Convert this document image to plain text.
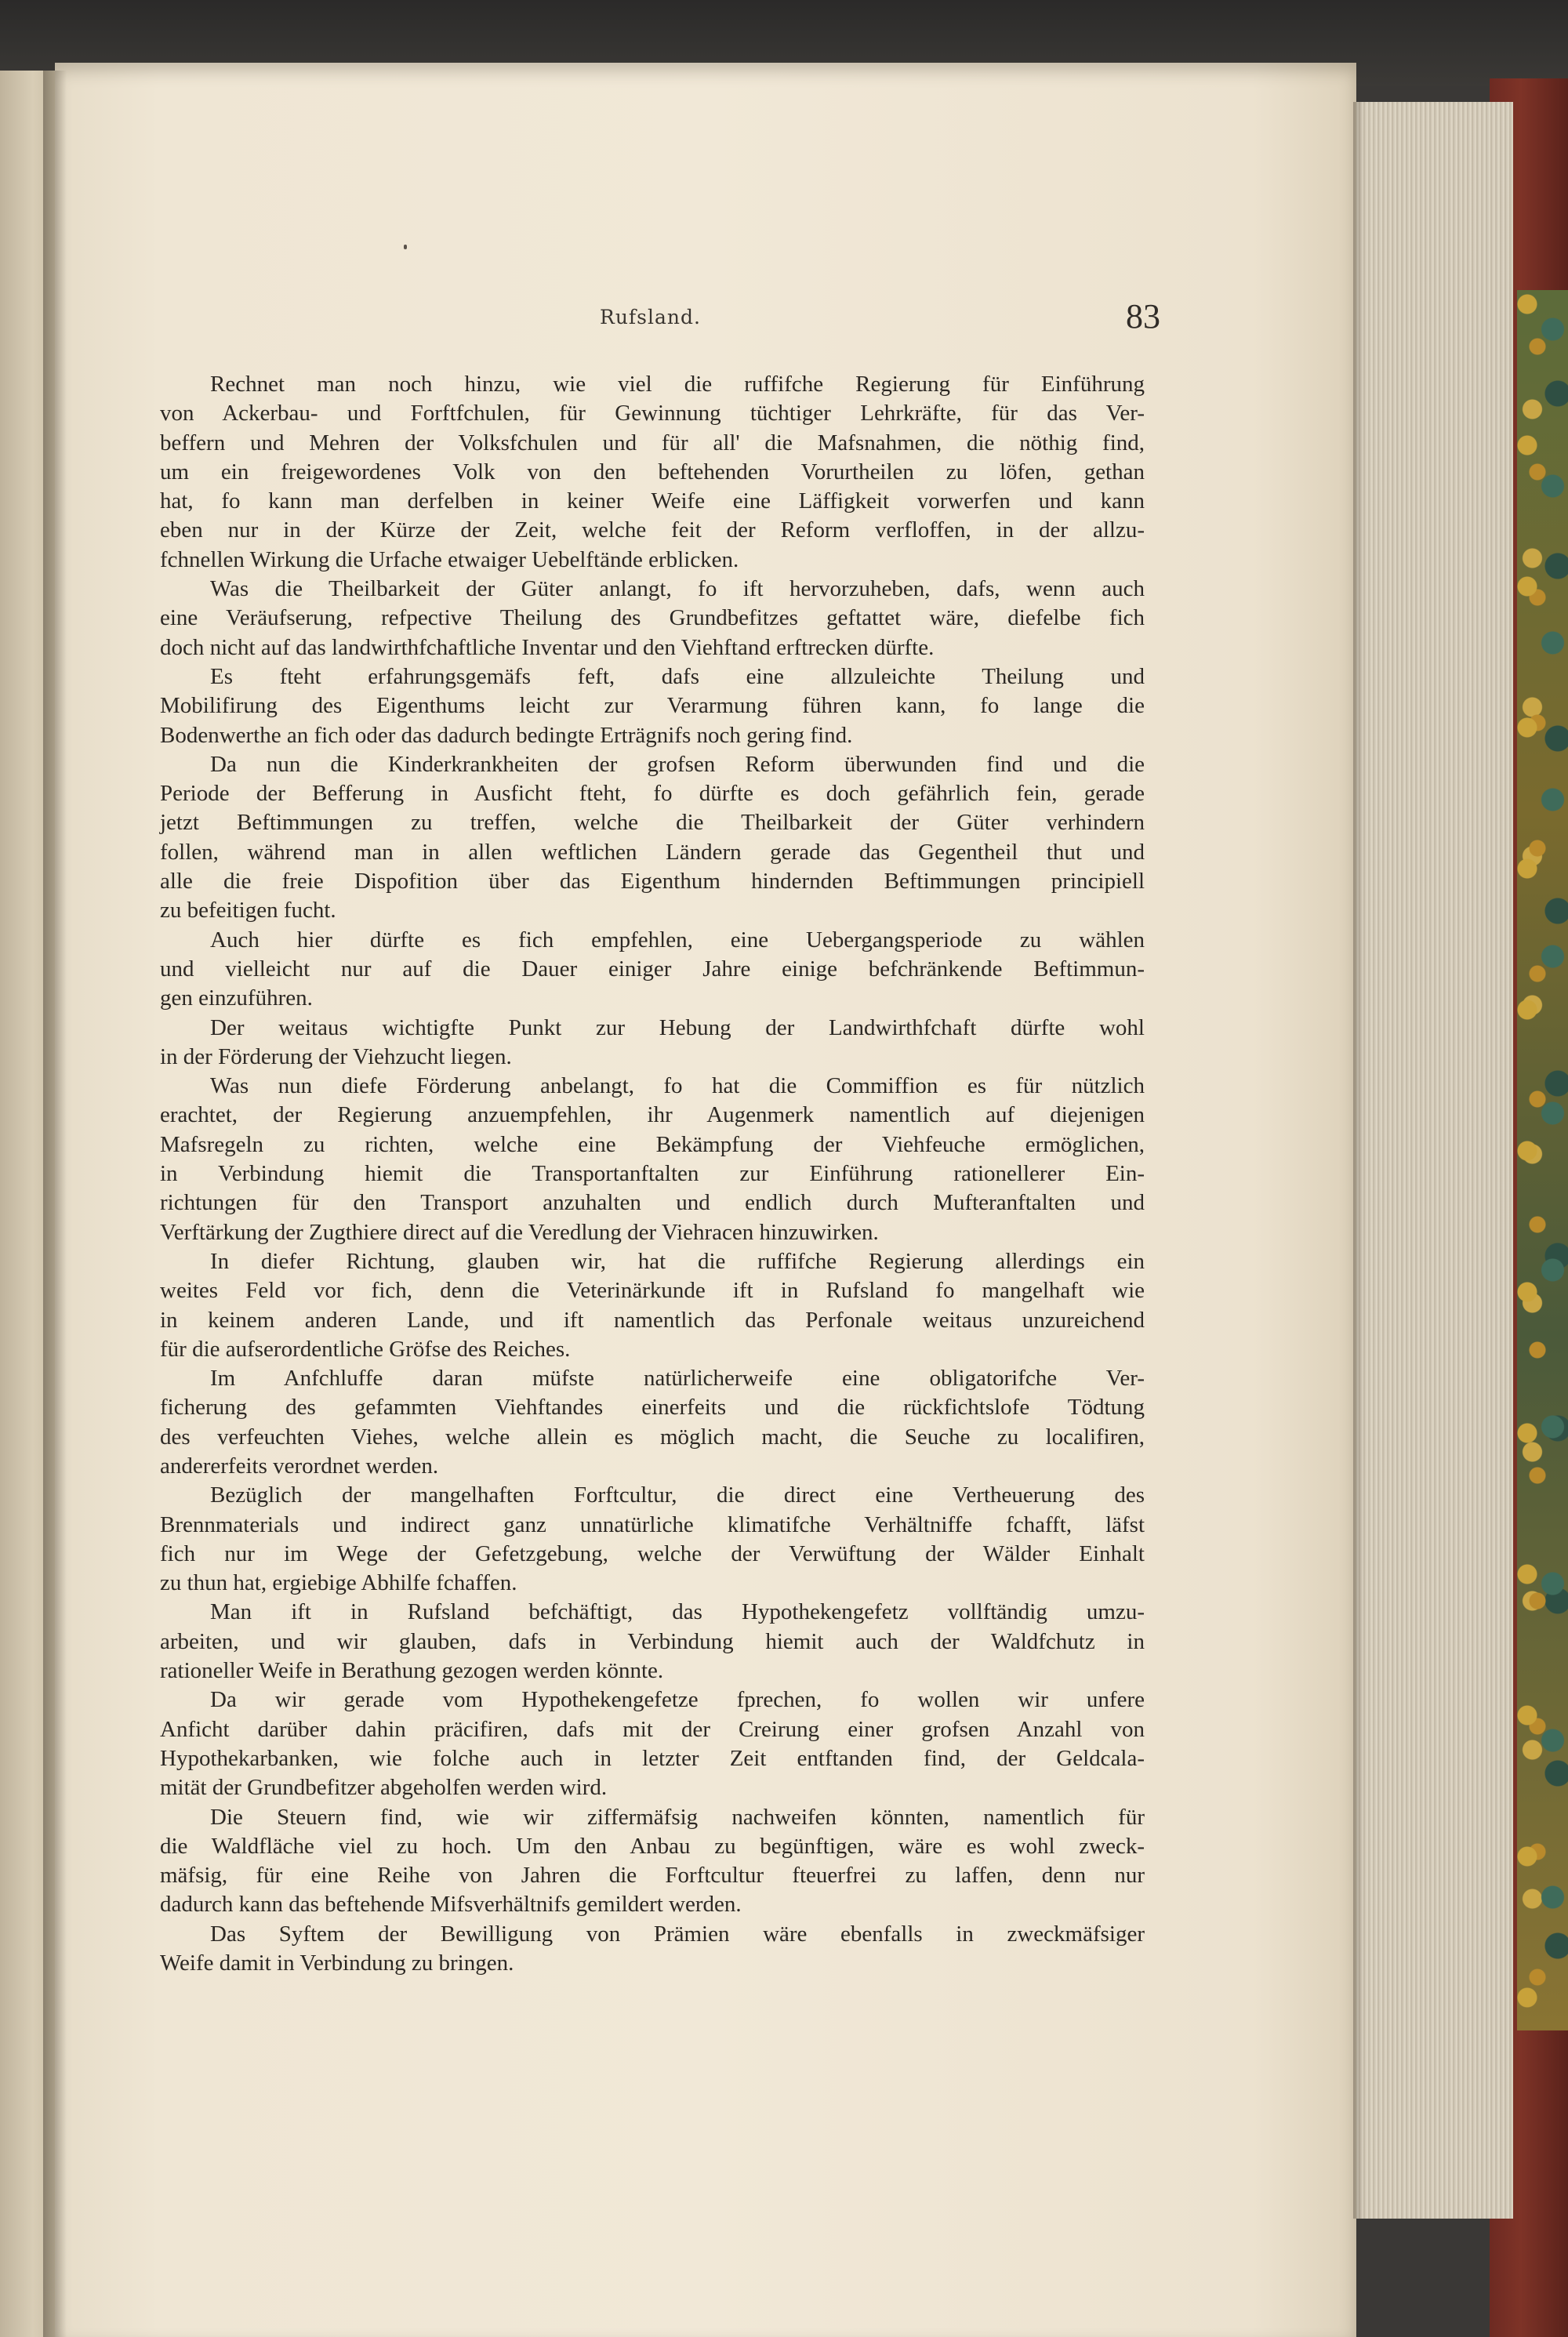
Rufsland.	83
Rechnet man noch hinzu, wie viel die ruffifche Regierung für Einführung
von Ackerbau- und Forftfchulen, für Gewinnung tüchtiger Lehrkräfte, für das Ver-
beffern und Mehren der Volksfchulen und für all' die Mafsnahmen, die nöthig find,
um ein freigewordenes Volk von den beftehenden Vorurtheilen zu löfen, gethan
hat, fo kann man derfelben in keiner Weife eine Läffigkeit vorwerfen und kann
eben nur in der Kürze der Zeit, welche feit der Reform verfloffen, in der allzu-
fchnellen Wirkung die Urfache etwaiger Uebelftände erblicken.
Was die Theilbarkeit der Güter anlangt, fo ift hervorzuheben, dafs, wenn auch
eine Veräufserung, refpective Theilung des Grundbefitzes geftattet wäre, diefelbe fich
doch nicht auf das landwirthfchaftliche Inventar und den Viehftand erftrecken dürfte.
Es fteht erfahrungsgemäfs feft, dafs eine allzuleichte Theilung und
Mobilifirung des Eigenthums leicht zur Verarmung führen kann, fo lange die
Bodenwerthe an fich oder das dadurch bedingte Erträgnifs noch gering find.
Da nun die Kinderkrankheiten der grofsen Reform überwunden find und die
Periode der Befferung in Ausficht fteht, fo dürfte es doch gefährlich fein, gerade
jetzt Beftimmungen zu treffen, welche die Theilbarkeit der Güter verhindern
follen, während man in allen weftlichen Ländern gerade das Gegentheil thut und
alle die freie Dispofition über das Eigenthum hindernden Beftimmungen principiell
zu befeitigen fucht.
Auch hier dürfte es fich empfehlen, eine Uebergangsperiode zu wählen
und vielleicht nur auf die Dauer einiger Jahre einige befchränkende Beftimmun-
gen einzuführen.
Der weitaus wichtigfte Punkt zur Hebung der Landwirthfchaft dürfte wohl
in der Förderung der Viehzucht liegen.
Was nun diefe Förderung anbelangt, fo hat die Commiffion es für nützlich
erachtet, der Regierung anzuempfehlen, ihr Augenmerk namentlich auf diejenigen
Mafsregeln zu richten, welche eine Bekämpfung der Viehfeuche ermöglichen,
in Verbindung hiemit die Transportanftalten zur Einführung rationellerer Ein-
richtungen für den Transport anzuhalten und endlich durch Mufteranftalten und
Verftärkung der Zugthiere direct auf die Veredlung der Viehracen hinzuwirken.
In diefer Richtung, glauben wir, hat die ruffifche Regierung allerdings ein
weites Feld vor fich, denn die Veterinärkunde ift in Rufsland fo mangelhaft wie
in keinem anderen Lande, und ift namentlich das Perfonale weitaus unzureichend
für die aufserordentliche Gröfse des Reiches.
Im Anfchluffe daran müfste natürlicherweife eine obligatorifche Ver-
ficherung des gefammten Viehftandes einerfeits und die rückfichtslofe Tödtung
des verfeuchten Viehes, welche allein es möglich macht, die Seuche zu localifiren,
andererfeits verordnet werden.
Bezüglich der mangelhaften Forftcultur, die direct eine Vertheuerung des
Brennmaterials und indirect ganz unnatürliche klimatifche Verhältniffe fchafft, läfst
fich nur im Wege der Gefetzgebung, welche der Verwüftung der Wälder Einhalt
zu thun hat, ergiebige Abhilfe fchaffen.
Man ift in Rufsland befchäftigt, das Hypothekengefetz vollftändig umzu-
arbeiten, und wir glauben, dafs in Verbindung hiemit auch der Waldfchutz in
rationeller Weife in Berathung gezogen werden könnte.
Da wir gerade vom Hypothekengefetze fprechen, fo wollen wir unfere
Anficht darüber dahin präcifiren, dafs mit der Creirung einer grofsen Anzahl von
Hypothekarbanken, wie folche auch in letzter Zeit entftanden find, der Geldcala-
mität der Grundbefitzer abgeholfen werden wird.
Die Steuern find, wie wir ziffermäfsig nachweifen könnten, namentlich für
die Waldfläche viel zu hoch. Um den Anbau zu begünftigen, wäre es wohl zweck-
mäfsig, für eine Reihe von Jahren die Forftcultur fteuerfrei zu laffen, denn nur
dadurch kann das beftehende Mifsverhältnifs gemildert werden.
Das Syftem der Bewilligung von Prämien wäre ebenfalls in zweckmäfsiger
Weife damit in Verbindung zu bringen.
